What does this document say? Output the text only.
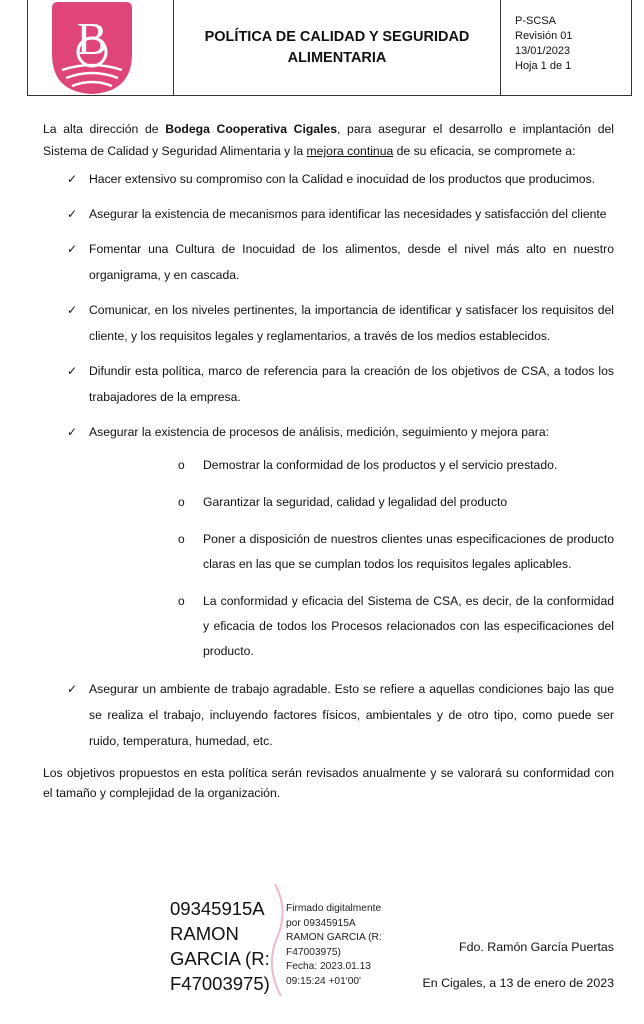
B	POLÍTICA DE CALIDAD Y SEGURIDAD
ALIMENTARIA
P-SCSA
Revisión 01
13/01/2023
Hoja 1 de 1

La alta dirección de Bodega Cooperativa Cigales, para asegurar el desarrollo e implantación del Sistema de Calidad y Seguridad Alimentaria y la mejora continua de su eficacia, se compromete a:

✓ Hacer extensivo su compromiso con la Calidad e inocuidad de los productos que producimos.
✓ Asegurar la existencia de mecanismos para identificar las necesidades y satisfacción del cliente
✓ Fomentar una Cultura de Inocuidad de los alimentos, desde el nivel más alto en nuestro organigrama, y en cascada.
✓ Comunicar, en los niveles pertinentes, la importancia de identificar y satisfacer los requisitos del cliente, y los requisitos legales y reglamentarios, a través de los medios establecidos.
✓ Difundir esta política, marco de referencia para la creación de los objetivos de CSA, a todos los trabajadores de la empresa.
✓ Asegurar la existencia de procesos de análisis, medición, seguimiento y mejora para:
o Demostrar la conformidad de los productos y el servicio prestado.
o Garantizar la seguridad, calidad y legalidad del producto
o Poner a disposición de nuestros clientes unas especificaciones de producto claras en las que se cumplan todos los requisitos legales aplicables.
o La conformidad y eficacia del Sistema de CSA, es decir, de la conformidad y eficacia de todos los Procesos relacionados con las especificaciones del producto.
✓ Asegurar un ambiente de trabajo agradable. Esto se refiere a aquellas condiciones bajo las que se realiza el trabajo, incluyendo factores físicos, ambientales y de otro tipo, como puede ser ruido, temperatura, humedad, etc.

Los objetivos propuestos en esta política serán revisados anualmente y se valorará su conformidad con el tamaño y complejidad de la organización.

09345915A
RAMON
GARCIA (R:
F47003975)
Firmado digitalmente
por 09345915A
RAMON GARCIA (R:
F47003975)
Fecha: 2023.01.13
09:15:24 +01'00'
Fdo. Ramón García Puertas
En Cigales, a 13 de enero de 2023
